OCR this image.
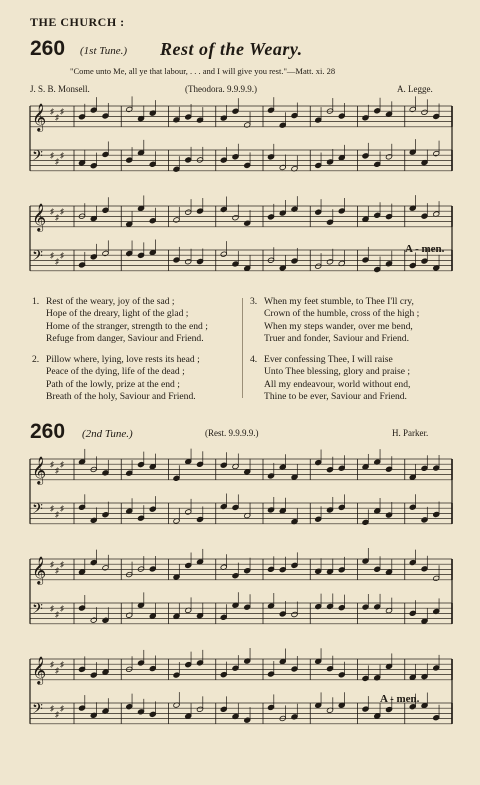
THE CHURCH :
260 (1st Tune.) Rest of the Weary.
"Come unto Me, all ye that labour, . . . and I will give you rest."—Matt. xi. 28
J. S. B. Monsell.	(Theodora. 9.9.9.9.)	A. Legge.
𝄞 ♯
♯
♯
𝄢 ♯
♯
♯
𝄞 ♯
♯
♯
𝄢 ♯
♯
♯
A - men.
1. Rest of the weary, joy of the sad ;
Hope of the dreary, light of the glad ;
Home of the stranger, strength to the end ;
Refuge from danger, Saviour and Friend.
2. Pillow where, lying, love rests its head ;
Peace of the dying, life of the dead ;
Path of the lowly, prize at the end ;
Breath of the holy, Saviour and Friend.
3. When my feet stumble, to Thee I'll cry,
Crown of the humble, cross of the high ;
When my steps wander, over me bend,
Truer and fonder, Saviour and Friend.
4. Ever confessing Thee, I will raise
Unto Thee blessing, glory and praise ;
All my endeavour, world without end,
Thine to be ever, Saviour and Friend.
260 (2nd Tune.)	(Rest. 9.9.9.9.)	H. Parker.
𝄞 ♯
♯
♯
𝄢 ♯
♯
♯
𝄞 ♯
♯
♯
𝄢 ♯
♯
♯
𝄞 ♯
♯
♯
𝄢 ♯
♯
♯
A - men.
